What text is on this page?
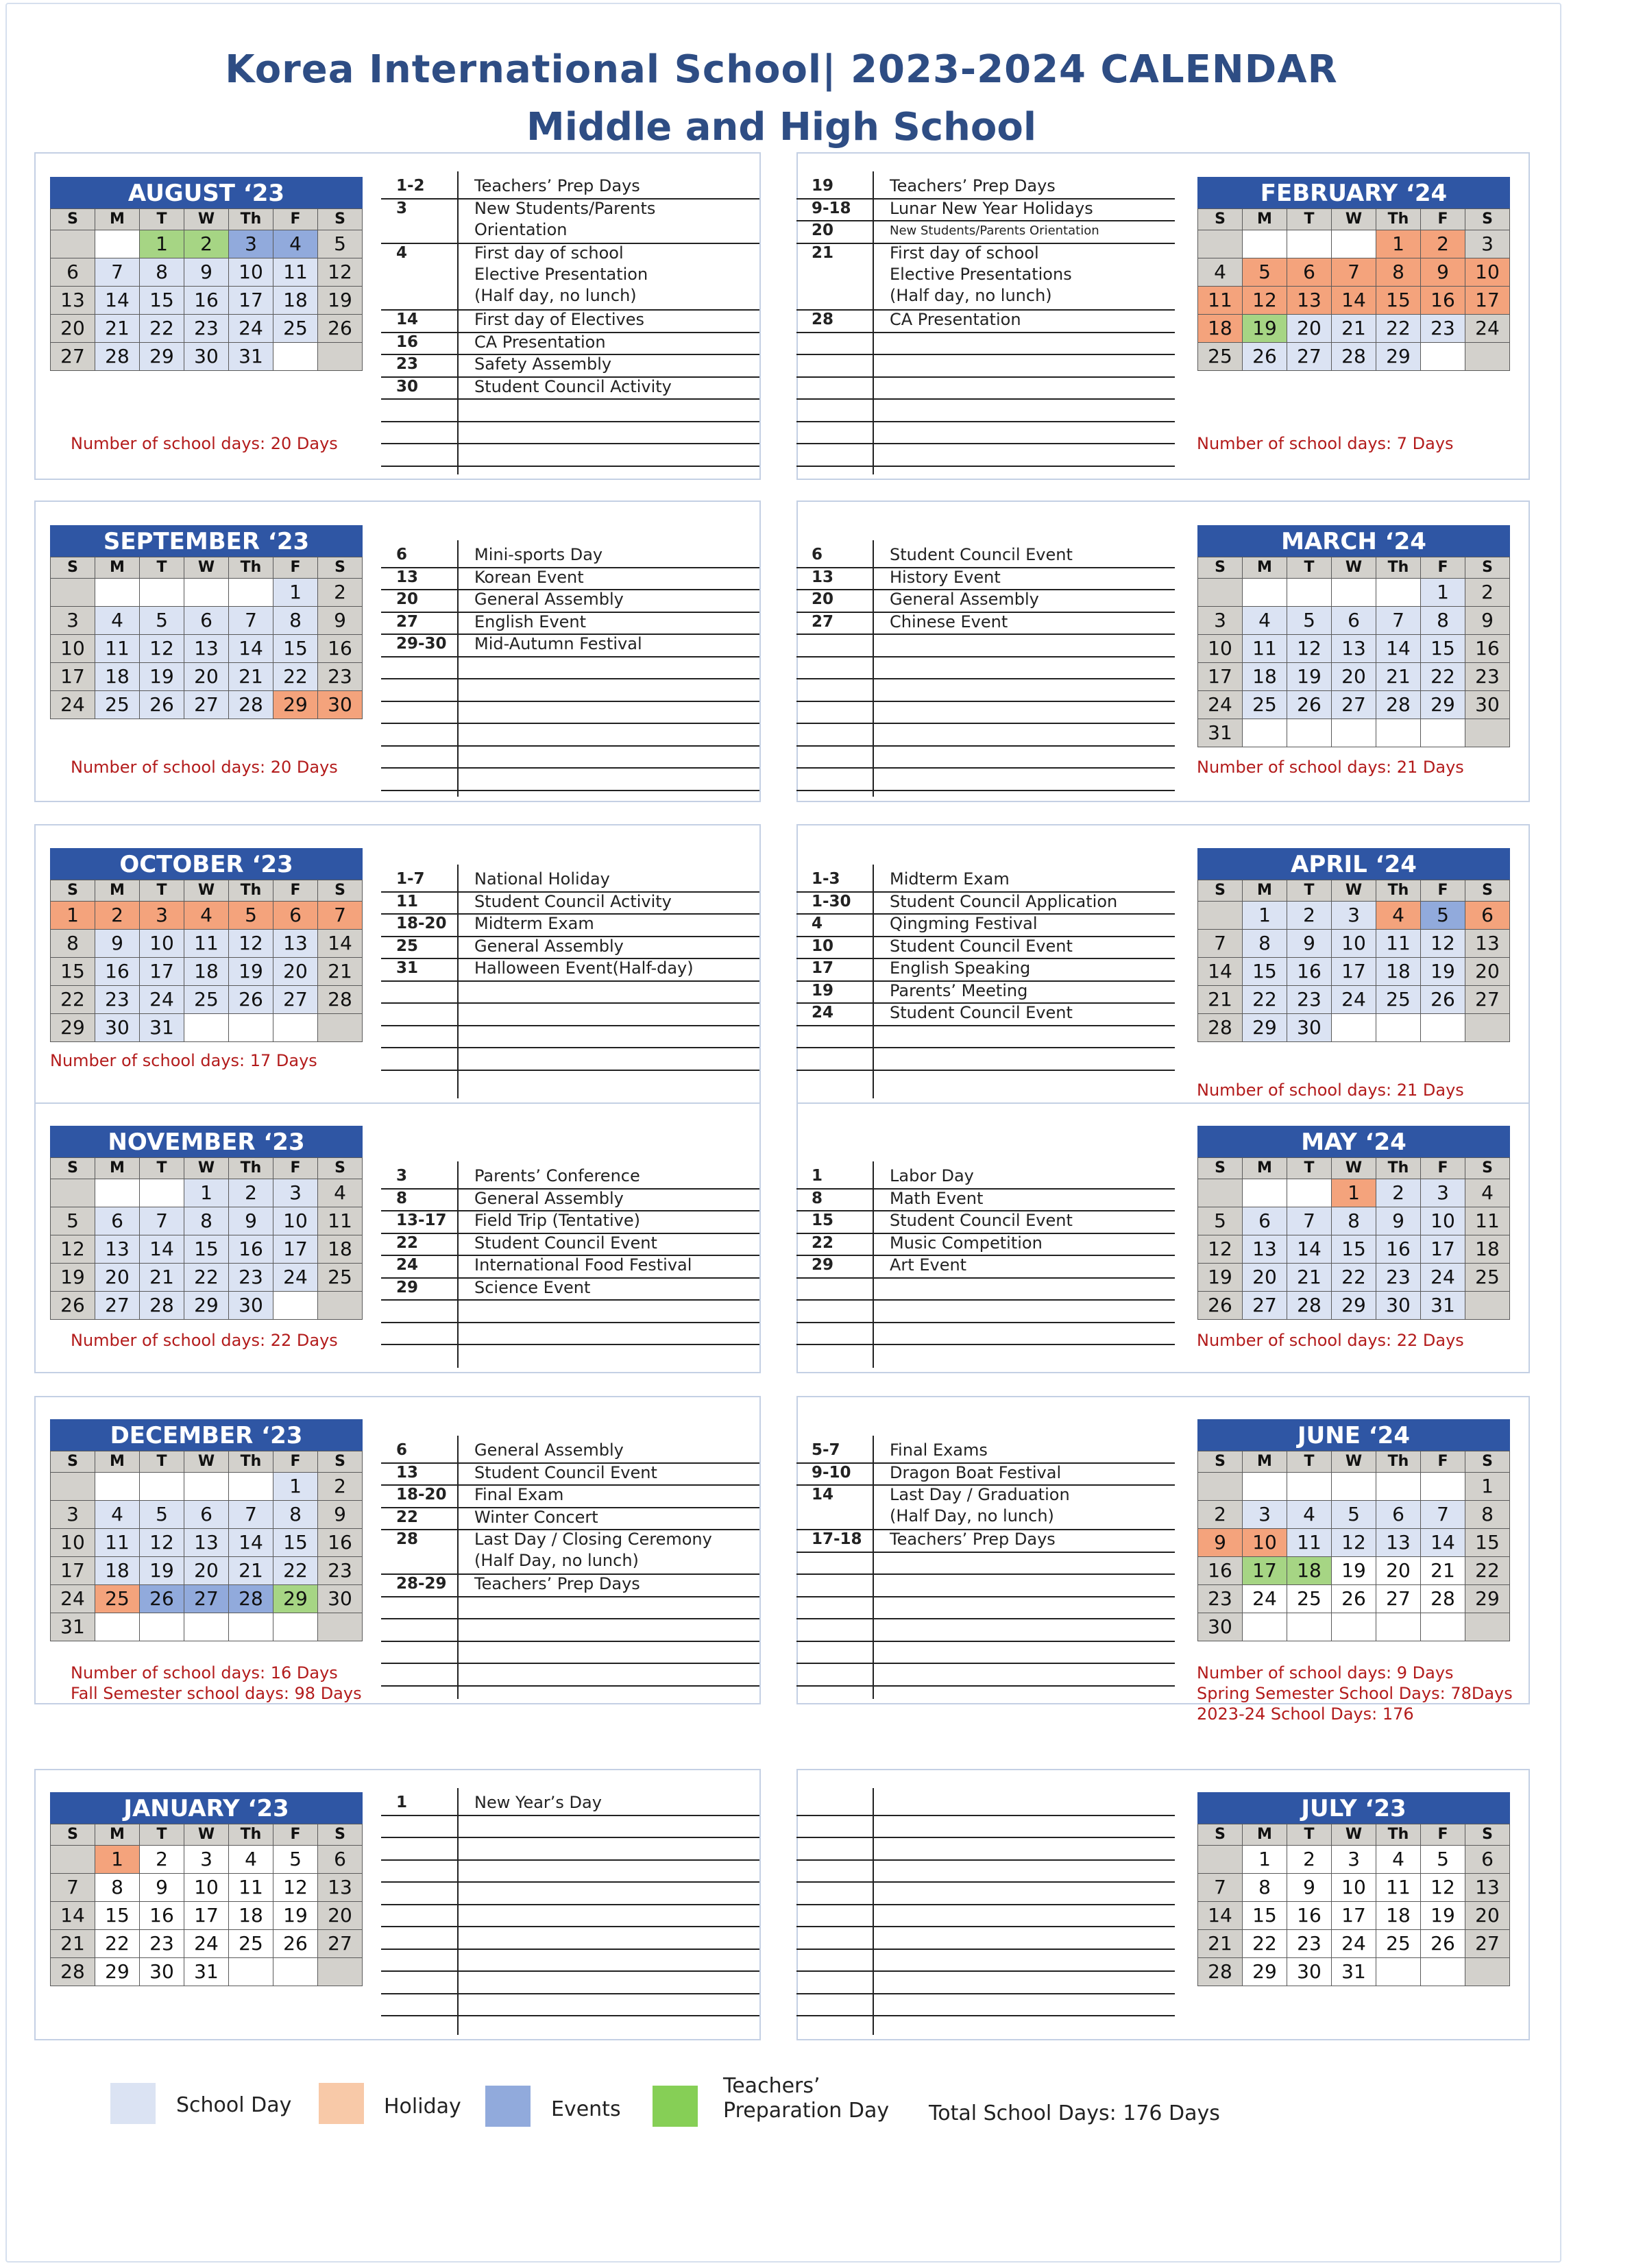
Korea International School| 2023-2024 CALENDAR
Middle and High School
AUGUST ‘23
S	M	T	W	Th	F	S
		1	2	3	4	5
6	7	8	9	10	11	12
13	14	15	16	17	18	19
20	21	22	23	24	25	26
27	28	29	30	31		
1-2	Teachers’ Prep Days
3	New Students/Parents
Orientation
4	First day of school
Elective Presentation
(Half day, no lunch)
14	First day of Electives
16	CA Presentation
23	Safety Assembly
30	Student Council Activity
Number of school days: 20 Days
FEBRUARY ‘24
S	M	T	W	Th	F	S
				1	2	3
4	5	6	7	8	9	10
11	12	13	14	15	16	17
18	19	20	21	22	23	24
25	26	27	28	29		
19	Teachers’ Prep Days
9-18 Lunar New Year Holidays
20	New Students/Parents Orientation
21	First day of school
Elective Presentations
(Half day, no lunch)
28	CA Presentation
Number of school days: 7 Days
SEPTEMBER ‘23
S	M	T	W	Th	F	S
					1	2
3	4	5	6	7	8	9
10	11	12	13	14	15	16
17	18	19	20	21	22	23
24	25	26	27	28	29	30
6	Mini-sports Day
13	Korean Event
20	General Assembly
27	English Event
29-30 Mid-Autumn Festival
Number of school days: 20 Days
MARCH ‘24
S	M	T	W	Th	F	S
					1	2
3	4	5	6	7	8	9
10	11	12	13	14	15	16
17	18	19	20	21	22	23
24	25	26	27	28	29	30
31						
6	Student Council Event
13	History Event
20	General Assembly
27	Chinese Event
Number of school days: 21 Days
OCTOBER ‘23
S	M	T	W	Th	F	S
1	2	3	4	5	6	7
8	9	10	11	12	13	14
15	16	17	18	19	20	21
22	23	24	25	26	27	28
29	30	31				
1-7	National Holiday
11	Student Council Activity
18-20 Midterm Exam
25	General Assembly
31	Halloween Event(Half-day)
Number of school days: 17 Days
APRIL ‘24
S	M	T	W	Th	F	S
	1	2	3	4	5	6
7	8	9	10	11	12	13
14	15	16	17	18	19	20
21	22	23	24	25	26	27
28	29	30				
1-3	Midterm Exam
1-30 Student Council Application
4	Qingming Festival
10	Student Council Event
17	English Speaking
19	Parents’ Meeting
24	Student Council Event
Number of school days: 21 Days
NOVEMBER ‘23
S	M	T	W	Th	F	S
			1	2	3	4
5	6	7	8	9	10	11
12	13	14	15	16	17	18
19	20	21	22	23	24	25
26	27	28	29	30		
3	Parents’ Conference
8	General Assembly
13-17 Field Trip (Tentative)
22	Student Council Event
24	International Food Festival
29	Science Event
Number of school days: 22 Days
MAY ‘24
S	M	T	W	Th	F	S
			1	2	3	4
5	6	7	8	9	10	11
12	13	14	15	16	17	18
19	20	21	22	23	24	25
26	27	28	29	30	31	
1	Labor Day
8	Math Event
15	Student Council Event
22	Music Competition
29	Art Event
Number of school days: 22 Days
DECEMBER ‘23
S	M	T	W	Th	F	S
					1	2
3	4	5	6	7	8	9
10	11	12	13	14	15	16
17	18	19	20	21	22	23
24	25	26	27	28	29	30
31						
6	General Assembly
13	Student Council Event
18-20 Final Exam
22	Winter Concert
28	Last Day / Closing Ceremony
(Half Day, no lunch)
28-29 Teachers’ Prep Days
Number of school days: 16 Days
Fall Semester school days: 98 Days
JUNE ‘24
S	M	T	W	Th	F	S
						1
2	3	4	5	6	7	8
9	10	11	12	13	14	15
16	17	18	19	20	21	22
23	24	25	26	27	28	29
30						
5-7	Final Exams
9-10 Dragon Boat Festival
14	Last Day / Graduation
(Half Day, no lunch)
17-18 Teachers’ Prep Days
Number of school days: 9 Days
Spring Semester School Days: 78Days
2023-24 School Days: 176
JANUARY ‘23
S	M	T	W	Th	F	S
	1	2	3	4	5	6
7	8	9	10	11	12	13
14	15	16	17	18	19	20
21	22	23	24	25	26	27
28	29	30	31			
1	New Year’s Day	JULY ‘23
S	M	T	W	Th	F	S
	1	2	3	4	5	6
7	8	9	10	11	12	13
14	15	16	17	18	19	20
21	22	23	24	25	26	27
28	29	30	31			
School Day	Holiday	Events
Teachers’
Preparation Day Total School Days: 176 Days
